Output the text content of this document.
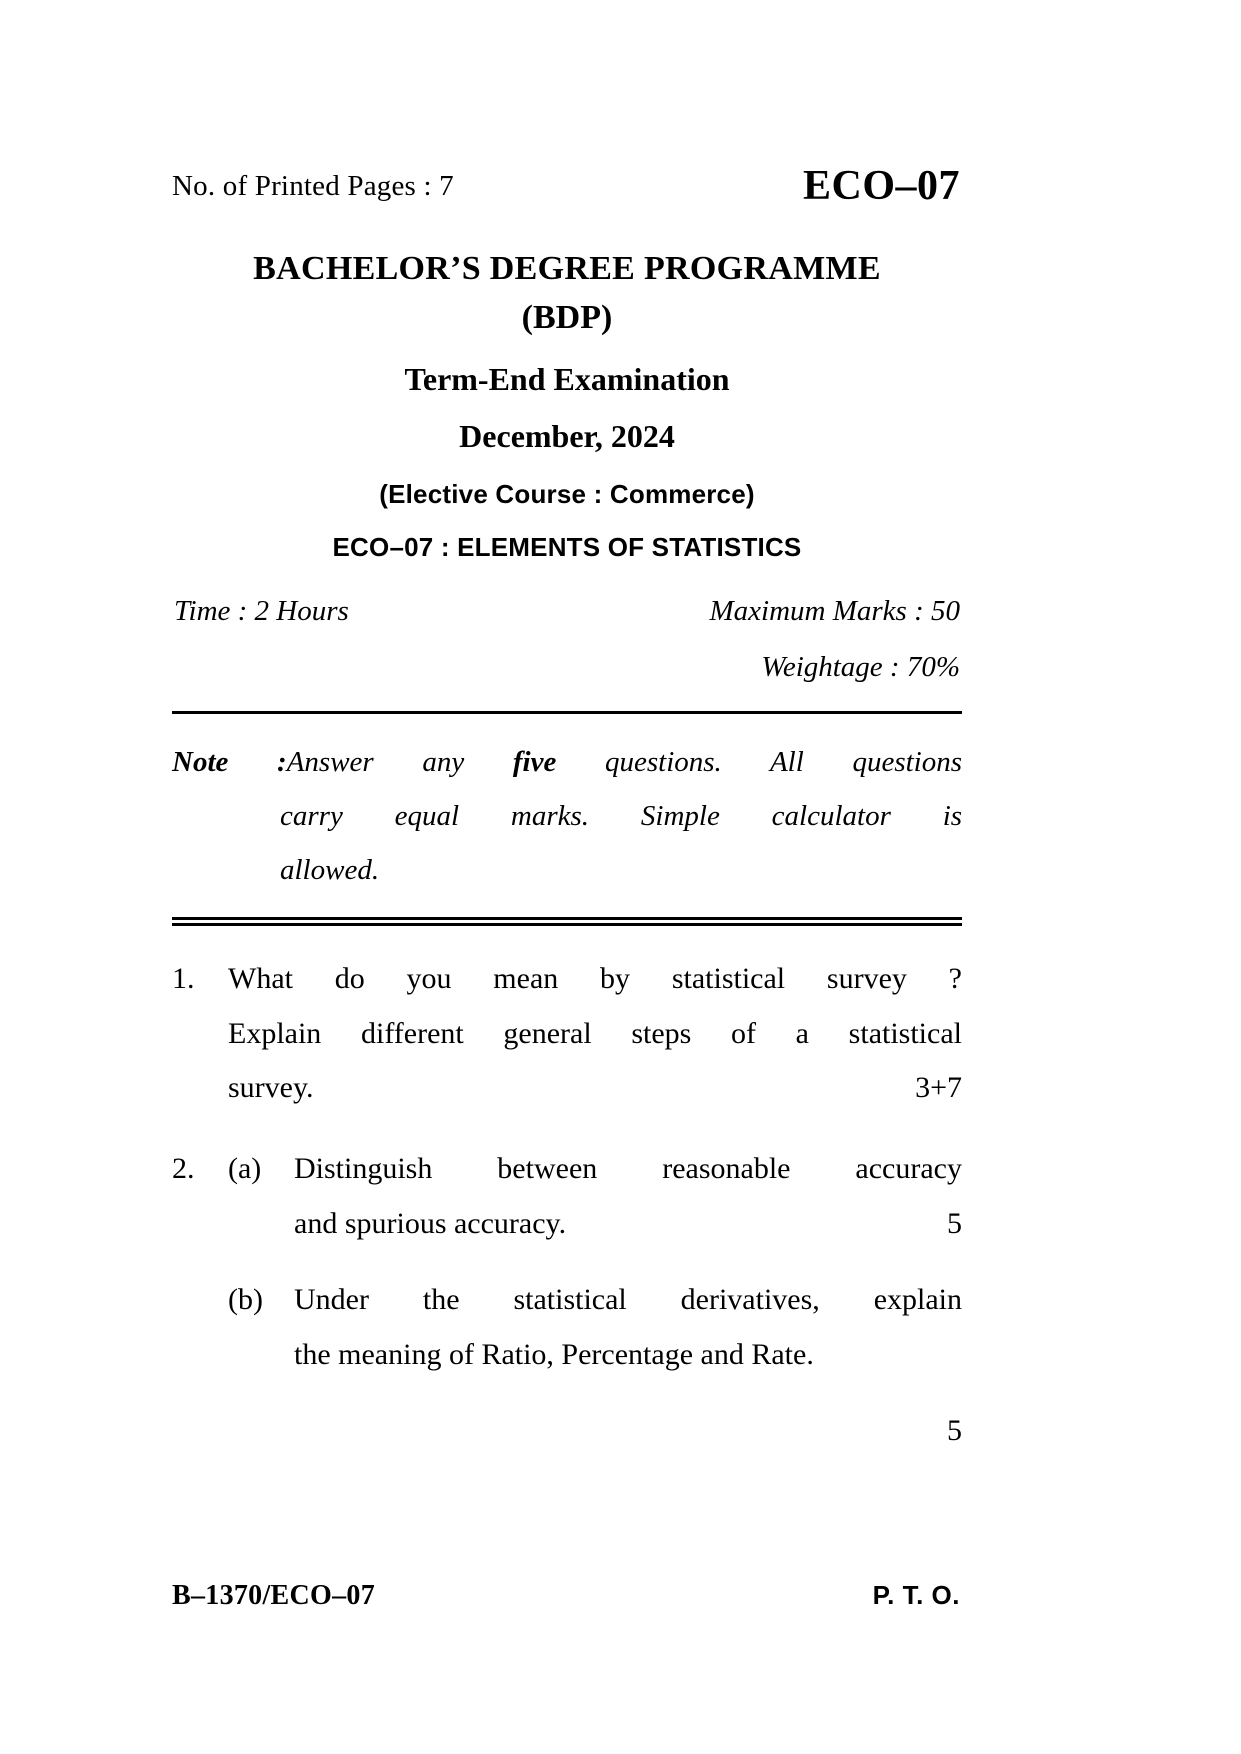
No. of Printed Pages : 7	ECO–07
BACHELOR’S DEGREE PROGRAMME
(BDP)
Term-End Examination
December, 2024
(Elective Course : Commerce)
ECO–07 : ELEMENTS OF STATISTICS
Time : 2 Hours	Maximum Marks : 50
Weightage : 70%
Note :Answer any five questions. All questions
carry equal marks. Simple calculator is
allowed.
1.	What do you mean by statistical survey ?
Explain different general steps of a statistical
survey.	3+7
2.	(a)	Distinguish between reasonable accuracy
and spurious accuracy.	5
(b)	Under the statistical derivatives, explain
the meaning of Ratio, Percentage and Rate.
5
B–1370/ECO–07	P. T. O.
